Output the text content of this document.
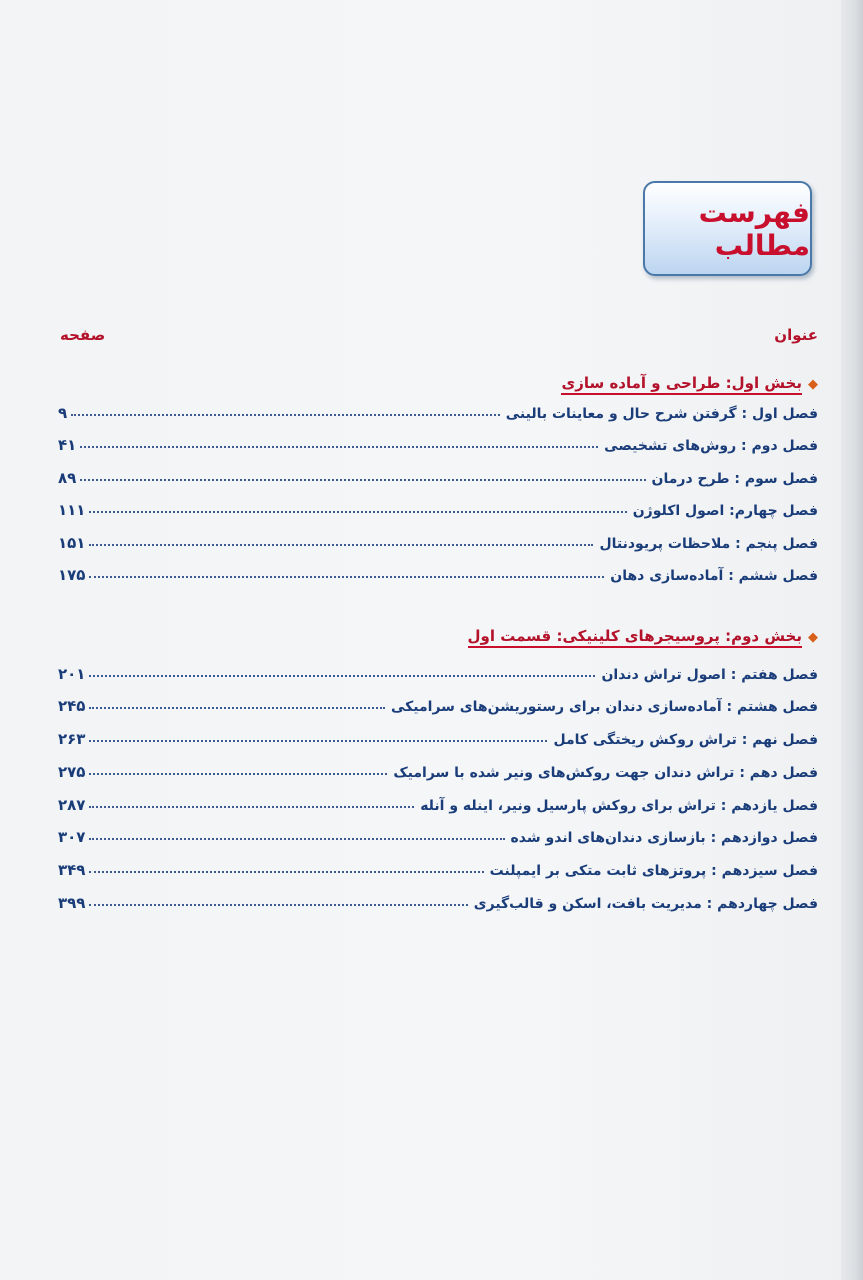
فهرست مطالب
عنوان
صفحه
◆بخش اول: طراحی و آماده سازی
فصل اول : گرفتن شرح حال و معاینات بالینی
۹
فصل دوم : روش‌های تشخیصی
۴۱
فصل سوم : طرح درمان
۸۹
فصل چهارم: اصول اکلوژن
۱۱۱
فصل پنجم : ملاحظات پریودنتال
۱۵۱
فصل ششم : آماده‌سازی دهان
۱۷۵
◆بخش دوم: پروسیجرهای کلینیکی: قسمت اول
فصل هفتم : اصول تراش دندان
۲۰۱
فصل هشتم : آماده‌سازی دندان برای رستوریشن‌های سرامیکی
۲۴۵
فصل نهم : تراش روکش ریختگی کامل
۲۶۳
فصل دهم : تراش دندان جهت روکش‌های ونیر شده با سرامیک
۲۷۵
فصل یازدهم : تراش برای روکش پارسیل ونیر، اینله و آنله
۲۸۷
فصل دوازدهم : بازسازی دندان‌های اندو شده
۳۰۷
فصل سیزدهم : پروتزهای ثابت متکی بر ایمپلنت
۳۴۹
فصل چهاردهم : مدیریت بافت، اسکن و قالب‌گیری
۳۹۹
